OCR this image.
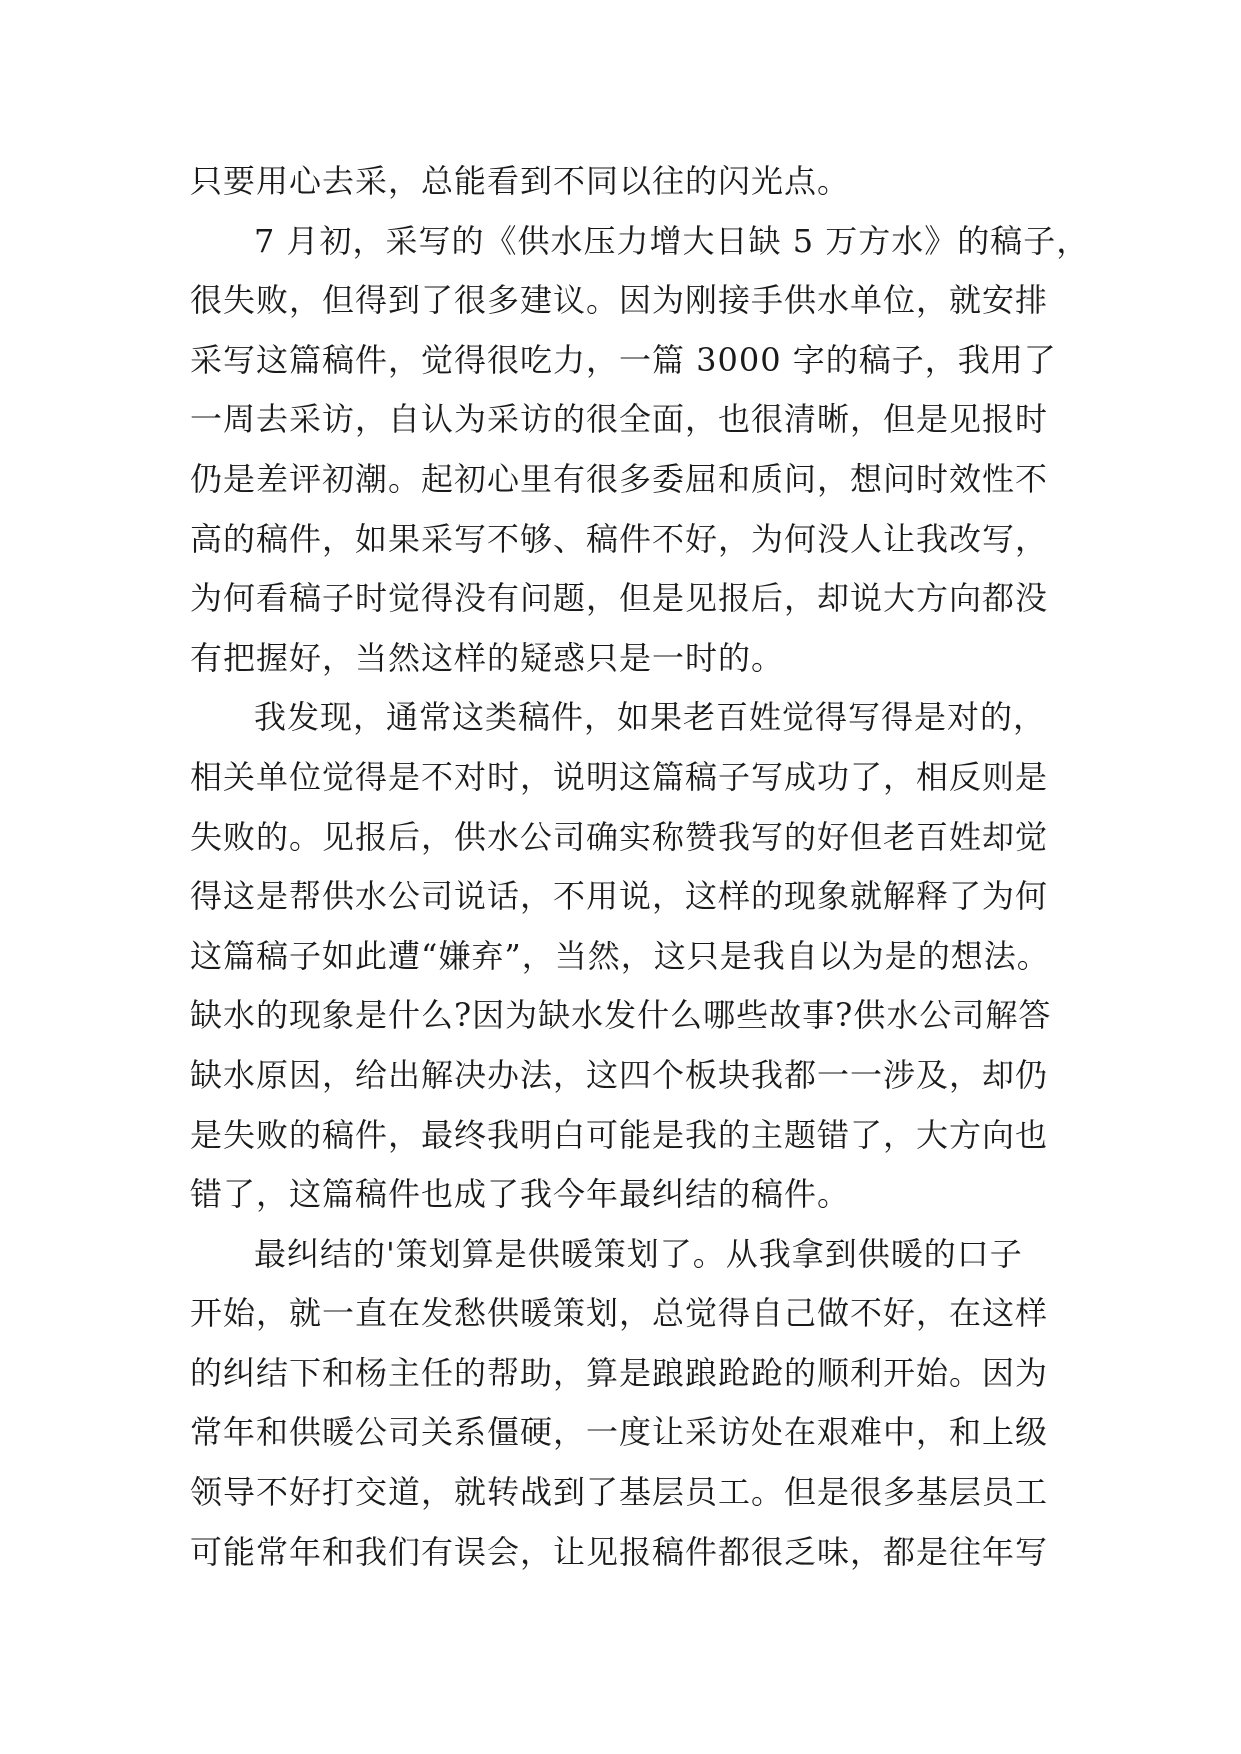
只要用心去采，总能看到不同以往的闪光点。
7 月初，采写的《供水压力增大日缺 5 万方水》的稿子，
很失败，但得到了很多建议。因为刚接手供水单位，就安排
采写这篇稿件，觉得很吃力，一篇 3000 字的稿子，我用了
一周去采访，自认为采访的很全面，也很清晰，但是见报时
仍是差评初潮。起初心里有很多委屈和质问，想问时效性不
高的稿件，如果采写不够、稿件不好，为何没人让我改写，
为何看稿子时觉得没有问题，但是见报后，却说大方向都没
有把握好，当然这样的疑惑只是一时的。
我发现，通常这类稿件，如果老百姓觉得写得是对的，
相关单位觉得是不对时，说明这篇稿子写成功了，相反则是
失败的。见报后，供水公司确实称赞我写的好但老百姓却觉
得这是帮供水公司说话，不用说，这样的现象就解释了为何
这篇稿子如此遭“嫌弃”，当然，这只是我自以为是的想法。
缺水的现象是什么?因为缺水发什么哪些故事?供水公司解答
缺水原因，给出解决办法，这四个板块我都一一涉及，却仍
是失败的稿件，最终我明白可能是我的主题错了，大方向也
错了，这篇稿件也成了我今年最纠结的稿件。
最纠结的'策划算是供暖策划了。从我拿到供暖的口子
开始，就一直在发愁供暖策划，总觉得自己做不好，在这样
的纠结下和杨主任的帮助，算是踉踉跄跄的顺利开始。因为
常年和供暖公司关系僵硬，一度让采访处在艰难中，和上级
领导不好打交道，就转战到了基层员工。但是很多基层员工
可能常年和我们有误会，让见报稿件都很乏味，都是往年写
